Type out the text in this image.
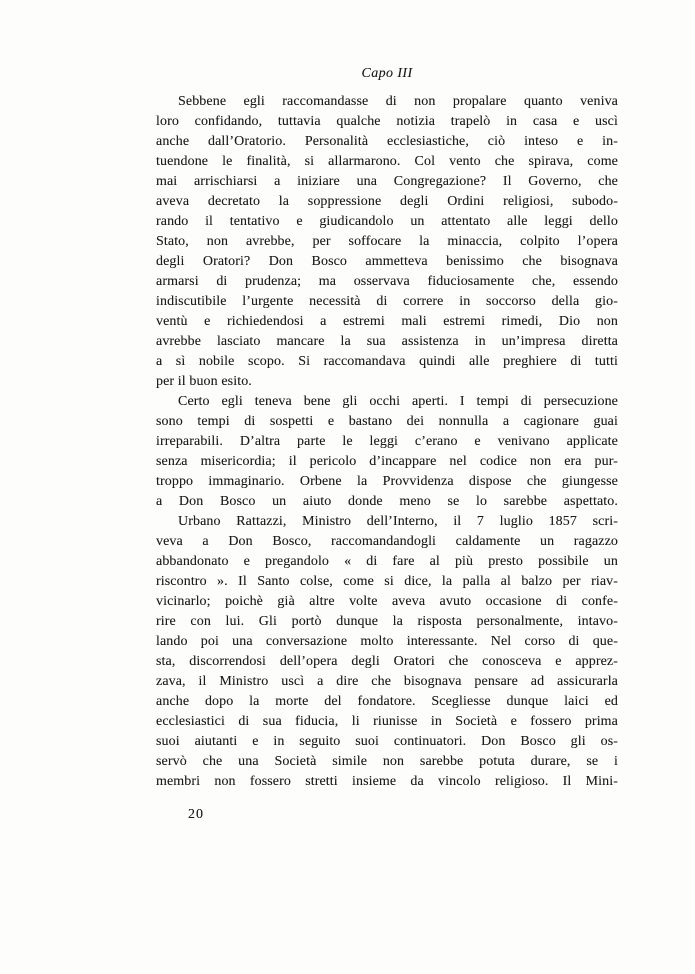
Capo III
Sebbene egli raccomandasse di non propalare quanto veniva
loro confidando, tuttavia qualche notizia trapelò in casa e uscì
anche dall’Oratorio. Personalità ecclesiastiche, ciò inteso e in-
tuendone le finalità, si allarmarono. Col vento che spirava, come
mai arrischiarsi a iniziare una Congregazione? Il Governo, che
aveva decretato la soppressione degli Ordini religiosi, subodo-
rando il tentativo e giudicandolo un attentato alle leggi dello
Stato, non avrebbe, per soffocare la minaccia, colpito l’opera
degli Oratori? Don Bosco ammetteva benissimo che bisognava
armarsi di prudenza; ma osservava fiduciosamente che, essendo
indiscutibile l’urgente necessità di correre in soccorso della gio-
ventù e richiedendosi a estremi mali estremi rimedi, Dio non
avrebbe lasciato mancare la sua assistenza in un’impresa diretta
a sì nobile scopo. Si raccomandava quindi alle preghiere di tutti
per il buon esito.
Certo egli teneva bene gli occhi aperti. I tempi di persecuzione
sono tempi di sospetti e bastano dei nonnulla a cagionare guai
irreparabili. D’altra parte le leggi c’erano e venivano applicate
senza misericordia; il pericolo d’incappare nel codice non era pur-
troppo immaginario. Orbene la Provvidenza dispose che giungesse
a Don Bosco un aiuto donde meno se lo sarebbe aspettato.
Urbano Rattazzi, Ministro dell’Interno, il 7 luglio 1857 scri-
veva a Don Bosco, raccomandandogli caldamente un ragazzo
abbandonato e pregandolo « di fare al più presto possibile un
riscontro ». Il Santo colse, come si dice, la palla al balzo per riav-
vicinarlo; poichè già altre volte aveva avuto occasione di confe-
rire con lui. Gli portò dunque la risposta personalmente, intavo-
lando poi una conversazione molto interessante. Nel corso di que-
sta, discorrendosi dell’opera degli Oratori che conosceva e apprez-
zava, il Ministro uscì a dire che bisognava pensare ad assicurarla
anche dopo la morte del fondatore. Scegliesse dunque laici ed
ecclesiastici di sua fiducia, li riunisse in Società e fossero prima
suoi aiutanti e in seguito suoi continuatori. Don Bosco gli os-
servò che una Società simile non sarebbe potuta durare, se i
membri non fossero stretti insieme da vincolo religioso. Il Mini-
20
